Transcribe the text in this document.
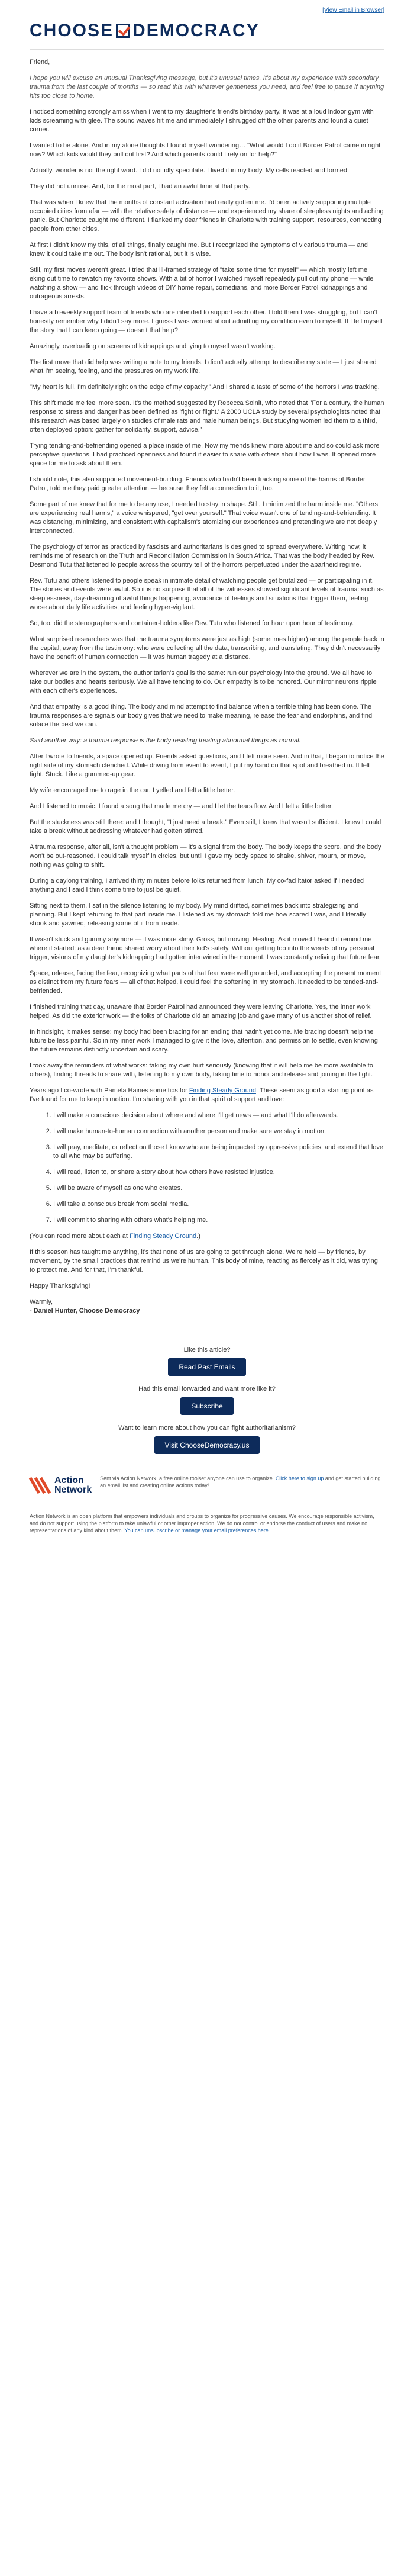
[View Email in Browser]
CHOOSE DEMOCRACY

Friend,

I hope you will excuse an unusual Thanksgiving message, but it's unusual times. It's about my experience with secondary trauma from the last couple of months — so read this with whatever gentleness you need, and feel free to pause if anything hits too close to home.

I noticed something strongly amiss when I went to my daughter's friend's birthday party. It was at a loud indoor gym with kids screaming with glee. The sound waves hit me and immediately I shrugged off the other parents and found a quiet corner.

I wanted to be alone. And in my alone thoughts I found myself wondering… "What would I do if Border Patrol came in right now? Which kids would they pull out first? And which parents could I rely on for help?"

Actually, wonder is not the right word. I did not idly speculate. I lived it in my body. My cells reacted and formed.

They did not unrinse. And, for the most part, I had an awful time at that party.

That was when I knew that the months of constant activation had really gotten me. I'd been actively supporting multiple occupied cities from afar — with the relative safety of distance — and experienced my share of sleepless nights and aching panic. But Charlotte caught me different. I flanked my dear friends in Charlotte with training support, resources, connecting people from other cities.

At first I didn't know my this, of all things, finally caught me. But I recognized the symptoms of vicarious trauma — and knew it could take me out. The body isn't rational, but it is wise.

Still, my first moves weren't great. I tried that ill-framed strategy of "take some time for myself" — which mostly left me eking out time to rewatch my favorite shows. With a bit of horror I watched myself repeatedly pull out my phone — while watching a show — and flick through videos of DIY home repair, comedians, and more Border Patrol kidnappings and outrageous arrests.

I have a bi-weekly support team of friends who are intended to support each other. I told them I was struggling, but I can't honestly remember why I didn't say more. I guess I was worried about admitting my condition even to myself. If I tell myself the story that I can keep going — doesn't that help?

Amazingly, overloading on screens of kidnappings and lying to myself wasn't working.

The first move that did help was writing a note to my friends. I didn't actually attempt to describe my state — I just shared what I'm seeing, feeling, and the pressures on my work life.

"My heart is full, I'm definitely right on the edge of my capacity." And I shared a taste of some of the horrors I was tracking.

This shift made me feel more seen. It's the method suggested by Rebecca Solnit, who noted that "For a century, the human response to stress and danger has been defined as 'fight or flight.' A 2000 UCLA study by several psychologists noted that this research was based largely on studies of male rats and male human beings. But studying women led them to a third, often deployed option: gather for solidarity, support, advice."

Trying tending-and-befriending opened a place inside of me. Now my friends knew more about me and so could ask more perceptive questions. I had practiced openness and found it easier to share with others about how I was. It opened more space for me to ask about them.

I should note, this also supported movement-building. Friends who hadn't been tracking some of the harms of Border Patrol, told me they paid greater attention — because they felt a connection to it, too.

Some part of me knew that for me to be any use, I needed to stay in shape. Still, I minimized the harm inside me. "Others are experiencing real harms," a voice whispered, "get over yourself." That voice wasn't one of tending-and-befriending. It was distancing, minimizing, and consistent with capitalism's atomizing our experiences and pretending we are not deeply interconnected.

The psychology of terror as practiced by fascists and authoritarians is designed to spread everywhere. Writing now, it reminds me of research on the Truth and Reconciliation Commission in South Africa. That was the body headed by Rev. Desmond Tutu that listened to people across the country tell of the horrors perpetuated under the apartheid regime.

Rev. Tutu and others listened to people speak in intimate detail of watching people get brutalized — or participating in it. The stories and events were awful. So it is no surprise that all of the witnesses showed significant levels of trauma: such as sleeplessness, day-dreaming of awful things happening, avoidance of feelings and situations that trigger them, feeling worse about daily life activities, and feeling hyper-vigilant.

So, too, did the stenographers and container-holders like Rev. Tutu who listened for hour upon hour of testimony.

What surprised researchers was that the trauma symptoms were just as high (sometimes higher) among the people back in the capital, away from the testimony: who were collecting all the data, transcribing, and translating. They didn't necessarily have the benefit of human connection — it was human tragedy at a distance.

Wherever we are in the system, the authoritarian's goal is the same: run our psychology into the ground. We all have to take our bodies and hearts seriously. We all have tending to do. Our empathy is to be honored. Our mirror neurons ripple with each other's experiences.

And that empathy is a good thing. The body and mind attempt to find balance when a terrible thing has been done. The trauma responses are signals our body gives that we need to make meaning, release the fear and endorphins, and find solace the best we can.

Said another way: a trauma response is the body resisting treating abnormal things as normal.

After I wrote to friends, a space opened up. Friends asked questions, and I felt more seen. And in that, I began to notice the right side of my stomach clenched. While driving from event to event, I put my hand on that spot and breathed in. It felt tight. Stuck. Like a gummed-up gear.

My wife encouraged me to rage in the car. I yelled and felt a little better.

And I listened to music. I found a song that made me cry — and I let the tears flow. And I felt a little better.

But the stuckness was still there: and I thought, "I just need a break." Even still, I knew that wasn't sufficient. I knew I could take a break without addressing whatever had gotten stirred.

A trauma response, after all, isn't a thought problem — it's a signal from the body. The body keeps the score, and the body won't be out-reasoned. I could talk myself in circles, but until I gave my body space to shake, shiver, mourn, or move, nothing was going to shift.

During a daylong training, I arrived thirty minutes before folks returned from lunch. My co-facilitator asked if I needed anything and I said I think some time to just be quiet.

Sitting next to them, I sat in the silence listening to my body. My mind drifted, sometimes back into strategizing and planning. But I kept returning to that part inside me. I listened as my stomach told me how scared I was, and I literally shook and yawned, releasing some of it from inside.

It wasn't stuck and gummy anymore — it was more slimy. Gross, but moving. Healing. As it moved I heard it remind me where it started: as a dear friend shared worry about their kid's safety. Without getting too into the weeds of my personal trigger, visions of my daughter's kidnapping had gotten intertwined in the moment. I was constantly reliving that future fear.

Space, release, facing the fear, recognizing what parts of that fear were well grounded, and accepting the present moment as distinct from my future fears — all of that helped. I could feel the softening in my stomach. It needed to be tended-and-befriended.

I finished training that day, unaware that Border Patrol had announced they were leaving Charlotte. Yes, the inner work helped. As did the exterior work — the folks of Charlotte did an amazing job and gave many of us another shot of relief.

In hindsight, it makes sense: my body had been bracing for an ending that hadn't yet come. Me bracing doesn't help the future be less painful. So in my inner work I managed to give it the love, attention, and permission to settle, even knowing the future remains distinctly uncertain and scary.

I took away the reminders of what works: taking my own hurt seriously (knowing that it will help me be more available to others), finding threads to share with, listening to my own body, taking time to honor and release and joining in the fight.

Years ago I co-wrote with Pamela Haines some tips for Finding Steady Ground. These seem as good a starting point as I've found for me to keep in motion. I'm sharing with you in that spirit of support and love:

1. I will make a conscious decision about where and where I'll get news — and what I'll do afterwards.
2. I will make human-to-human connection with another person and make sure we stay in motion.
3. I will pray, meditate, or reflect on those I know who are being impacted by oppressive policies, and extend that love to all who may be suffering.
4. I will read, listen to, or share a story about how others have resisted injustice.
5. I will be aware of myself as one who creates.
6. I will take a conscious break from social media.
7. I will commit to sharing with others what's helping me.

(You can read more about each at Finding Steady Ground.)

If this season has taught me anything, it's that none of us are going to get through alone. We're held — by friends, by movement, by the small practices that remind us we're human. This body of mine, reacting as fiercely as it did, was trying to protect me. And for that, I'm thankful.

Happy Thanksgiving!

Warmly,
- Daniel Hunter, Choose Democracy

Like this article?
Read Past Emails
Had this email forwarded and want more like it?
Subscribe
Want to learn more about how you can fight authoritarianism?
Visit ChooseDemocracy.us
Action
Network
Sent via Action Network, a free online toolset anyone can use to organize. Click here to sign up and get started building an email list and creating online actions today!
Action Network is an open platform that empowers individuals and groups to organize for progressive causes. We encourage responsible activism, and do not support using the platform to take unlawful or other improper action. We do not control or endorse the conduct of users and make no representations of any kind about them. You can unsubscribe or manage your email preferences here.
